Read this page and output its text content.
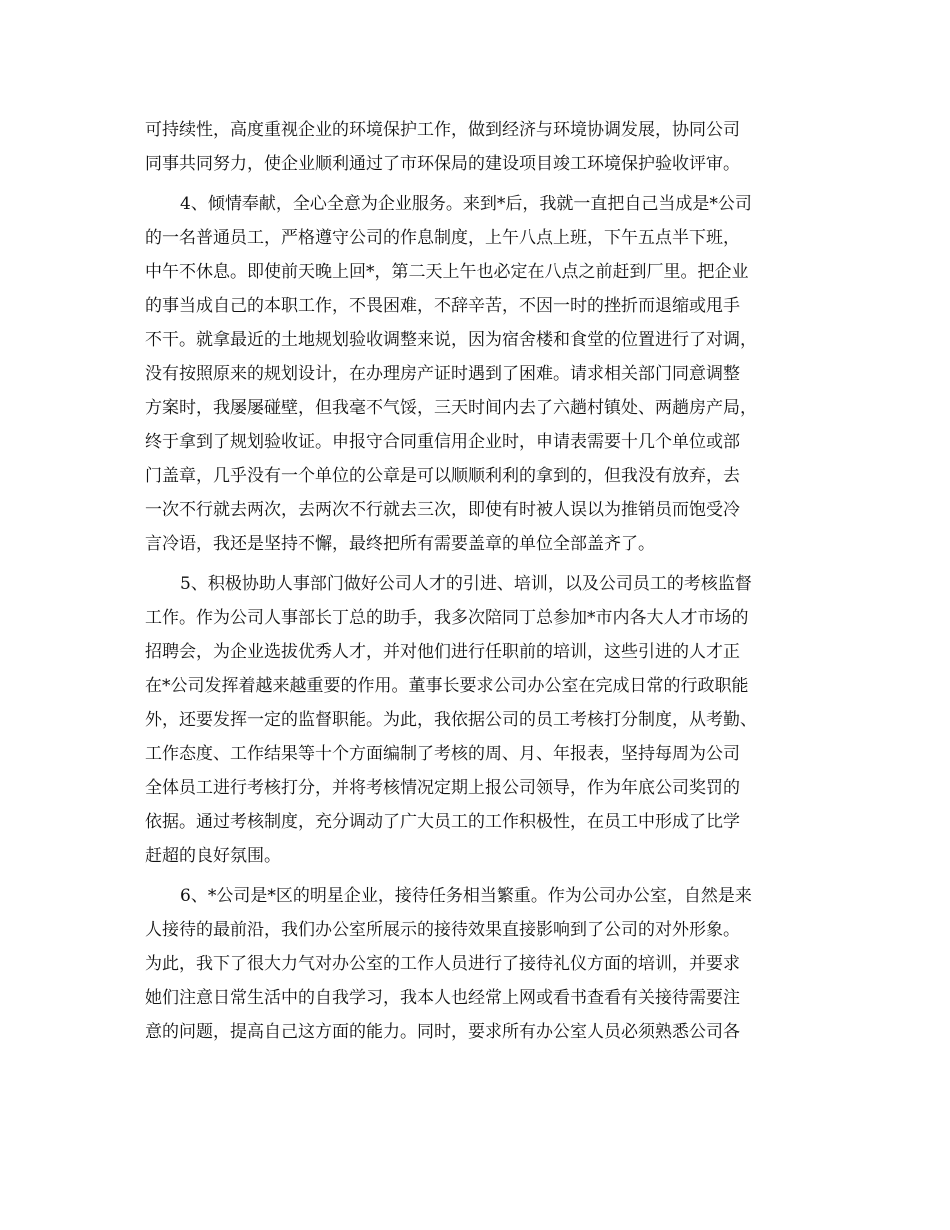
可持续性，高度重视企业的环境保护工作，做到经济与环境协调发展，协同公司
同事共同努力，使企业顺利通过了市环保局的建设项目竣工环境保护验收评审。
4、倾情奉献，全心全意为企业服务。来到*后，我就一直把自己当成是*公司
的一名普通员工，严格遵守公司的作息制度，上午八点上班，下午五点半下班，
中午不休息。即使前天晚上回*，第二天上午也必定在八点之前赶到厂里。把企业
的事当成自己的本职工作，不畏困难，不辞辛苦，不因一时的挫折而退缩或甩手
不干。就拿最近的土地规划验收调整来说，因为宿舍楼和食堂的位置进行了对调，
没有按照原来的规划设计，在办理房产证时遇到了困难。请求相关部门同意调整
方案时，我屡屡碰壁，但我毫不气馁，三天时间内去了六趟村镇处、两趟房产局，
终于拿到了规划验收证。申报守合同重信用企业时，申请表需要十几个单位或部
门盖章，几乎没有一个单位的公章是可以顺顺利利的拿到的，但我没有放弃，去
一次不行就去两次，去两次不行就去三次，即使有时被人误以为推销员而饱受冷
言冷语，我还是坚持不懈，最终把所有需要盖章的单位全部盖齐了。
5、积极协助人事部门做好公司人才的引进、培训，以及公司员工的考核监督
工作。作为公司人事部长丁总的助手，我多次陪同丁总参加*市内各大人才市场的
招聘会，为企业选拔优秀人才，并对他们进行任职前的培训，这些引进的人才正
在*公司发挥着越来越重要的作用。董事长要求公司办公室在完成日常的行政职能
外，还要发挥一定的监督职能。为此，我依据公司的员工考核打分制度，从考勤、
工作态度、工作结果等十个方面编制了考核的周、月、年报表，坚持每周为公司
全体员工进行考核打分，并将考核情况定期上报公司领导，作为年底公司奖罚的
依据。通过考核制度，充分调动了广大员工的工作积极性，在员工中形成了比学
赶超的良好氛围。
6、*公司是*区的明星企业，接待任务相当繁重。作为公司办公室，自然是来
人接待的最前沿，我们办公室所展示的接待效果直接影响到了公司的对外形象。
为此，我下了很大力气对办公室的工作人员进行了接待礼仪方面的培训，并要求
她们注意日常生活中的自我学习，我本人也经常上网或看书查看有关接待需要注
意的问题，提高自己这方面的能力。同时，要求所有办公室人员必须熟悉公司各
